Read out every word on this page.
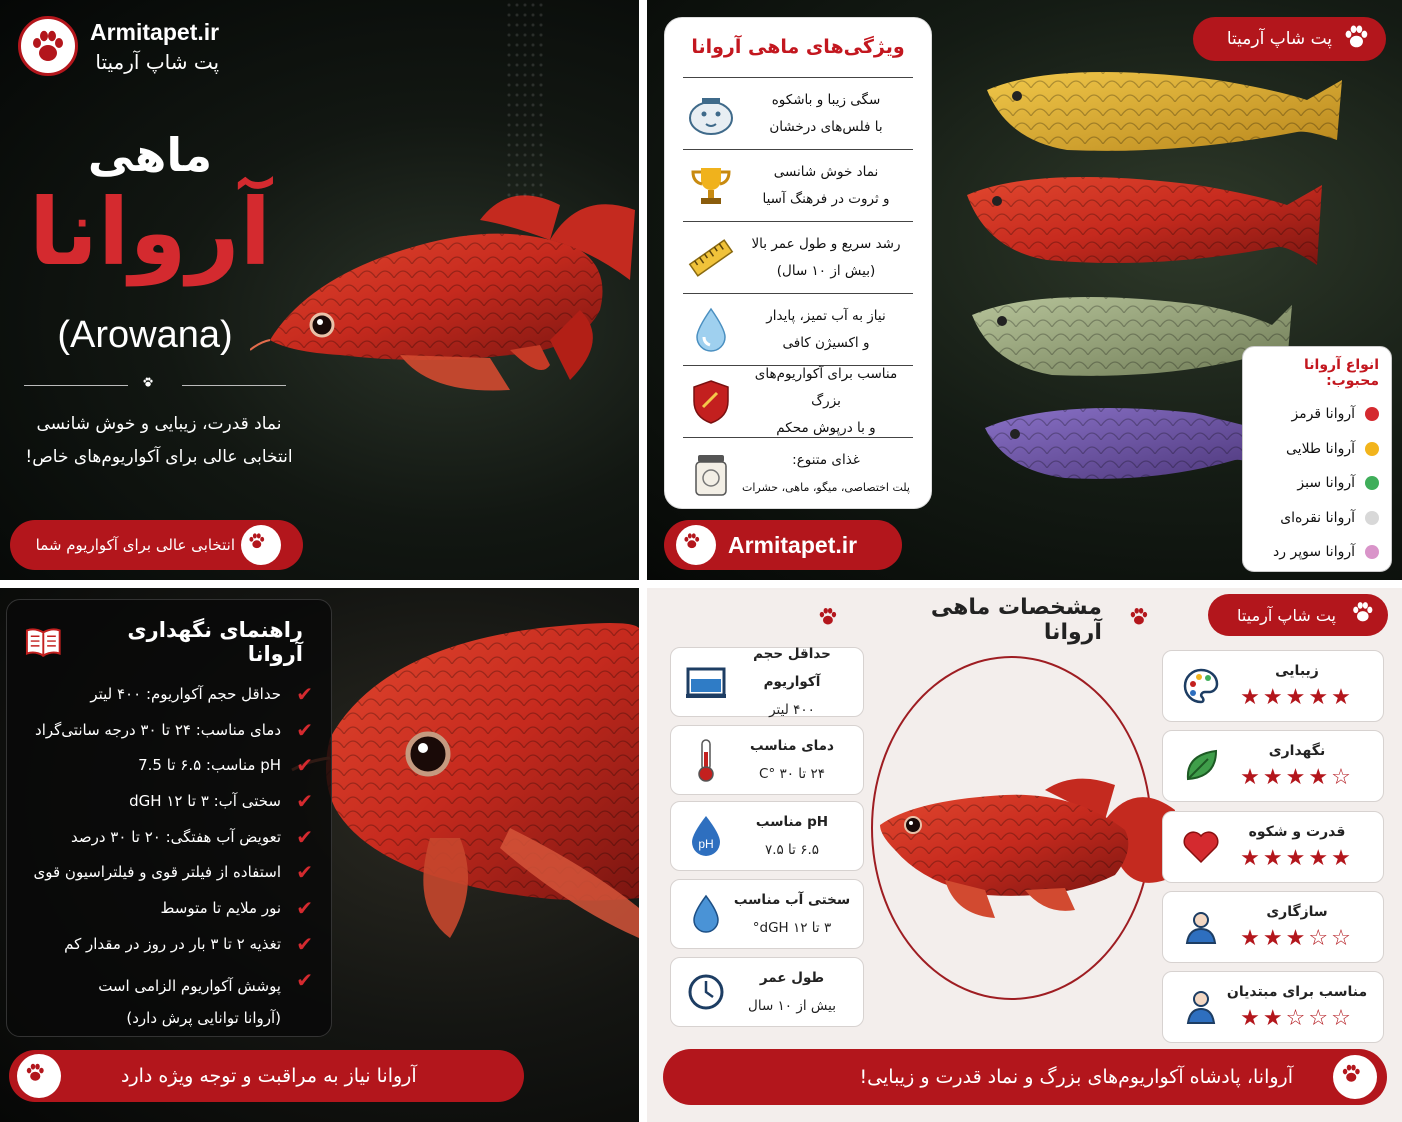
Armitapet.ir
پت شاپ آرمیتا
ماهی
آروانا
(Arowana)
نماد قدرت، زیبایی و خوش شانسی
انتخابی عالی برای آکواریوم‌های خاص!
انتخابی عالی برای آکواریوم شما
ویژگی‌های ماهی آروانا
سگی زیبا و باشکوه
با فلس‌های درخشان
نماد خوش شانسی
و ثروت در فرهنگ آسیا
رشد سریع و طول عمر بالا
(بیش از ۱۰ سال)
نیاز به آب تمیز، پایدار
و اکسیژن کافی
مناسب برای آکواریوم‌های بزرگ
و با درپوش محکم
غذای متنوع:
پلت اختصاصی، میگو، ماهی، حشرات
Armitapet.ir
پت شاپ آرمیتا
انواع آروانا محبوب:
آروانا قرمز
آروانا طلایی
آروانا سبز
آروانا نقره‌ای
آروانا سوپر رد
راهنمای نگهداری آروانا
✔
حداقل حجم آکواریوم: ۴۰۰ لیتر
✔
دمای مناسب: ۲۴ تا ۳۰ درجه سانتی‌گراد
✔
pH مناسب: ۶.۵ تا 7.5
✔
سختی آب: ۳ تا ۱۲ dGH
✔
تعویض آب هفتگی: ۲۰ تا ۳۰ درصد
✔
استفاده از فیلتر قوی و فیلتراسیون قوی
✔
نور ملایم تا متوسط
✔
تغذیه ۲ تا ۳ بار در روز در مقدار کم
✔
پوشش آکواریوم الزامی است
(آروانا توانایی پرش دارد)
آروانا نیاز به مراقبت و توجه ویژه دارد
مشخصات ماهی آروانا
پت شاپ آرمیتا
حداقل حجم آکواریوم
۴۰۰ لیتر
دمای مناسب
۲۴ تا ۳۰ °C
pH مناسب
۶.۵ تا ۷.۵
pH
سختی آب مناسب
۳ تا ۱۲ dGH°
طول عمر
بیش از ۱۰ سال
زیبایی
★★★★★
نگهداری
★★★★☆
قدرت و شکوه
★★★★★
سازگاری
★★★☆☆
مناسب برای مبتدیان
★★☆☆☆
آروانا، پادشاه آکواریوم‌های بزرگ و نماد قدرت و زیبایی!
